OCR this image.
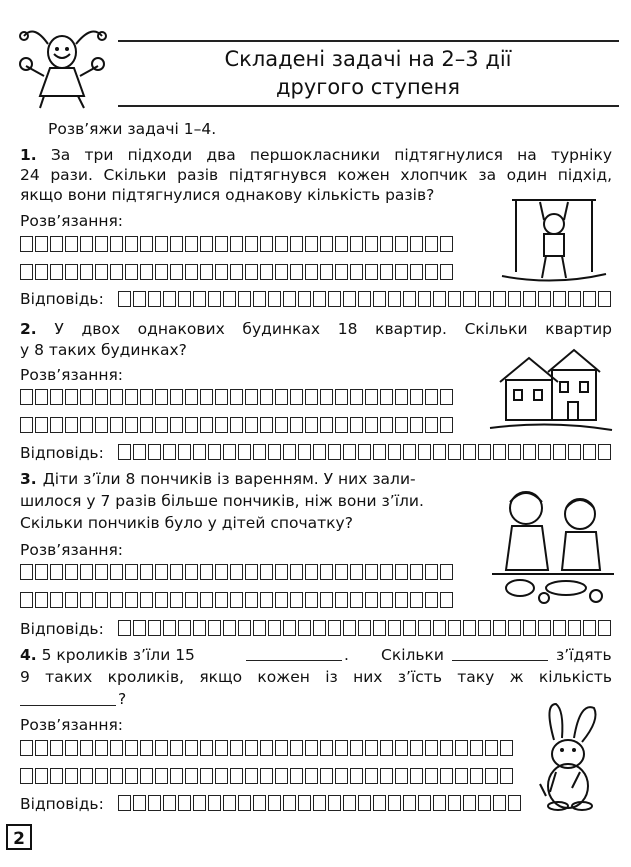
Складені задачі на 2–3 дії
другого ступеня
Розв’яжи задачі 1–4.
1. За три підходи два першокласники підтягнулися на турніку
24 рази. Скільки разів підтягнувся кожен хлопчик за один підхід,
якщо вони підтягнулися однакову кількість разів?
Розв’язання:
Відповідь:
2. У двох однакових будинках 18 квартир. Скільки квартир
у 8 таких будинках?
Розв’язання:
Відповідь:
3. Діти з’їли 8 пончиків із варенням. У них зали-
шилося у 7 разів більше пончиків, ніж вони з’їли.
Скільки пончиків було у дітей спочатку?
Розв’язання:
Відповідь:
4. 5 кроликів з’їли 15	. Скільки	з’їдять
9 таких кроликів, якщо кожен із них з’їсть таку ж кількість
?
Розв’язання:
Відповідь:
2
